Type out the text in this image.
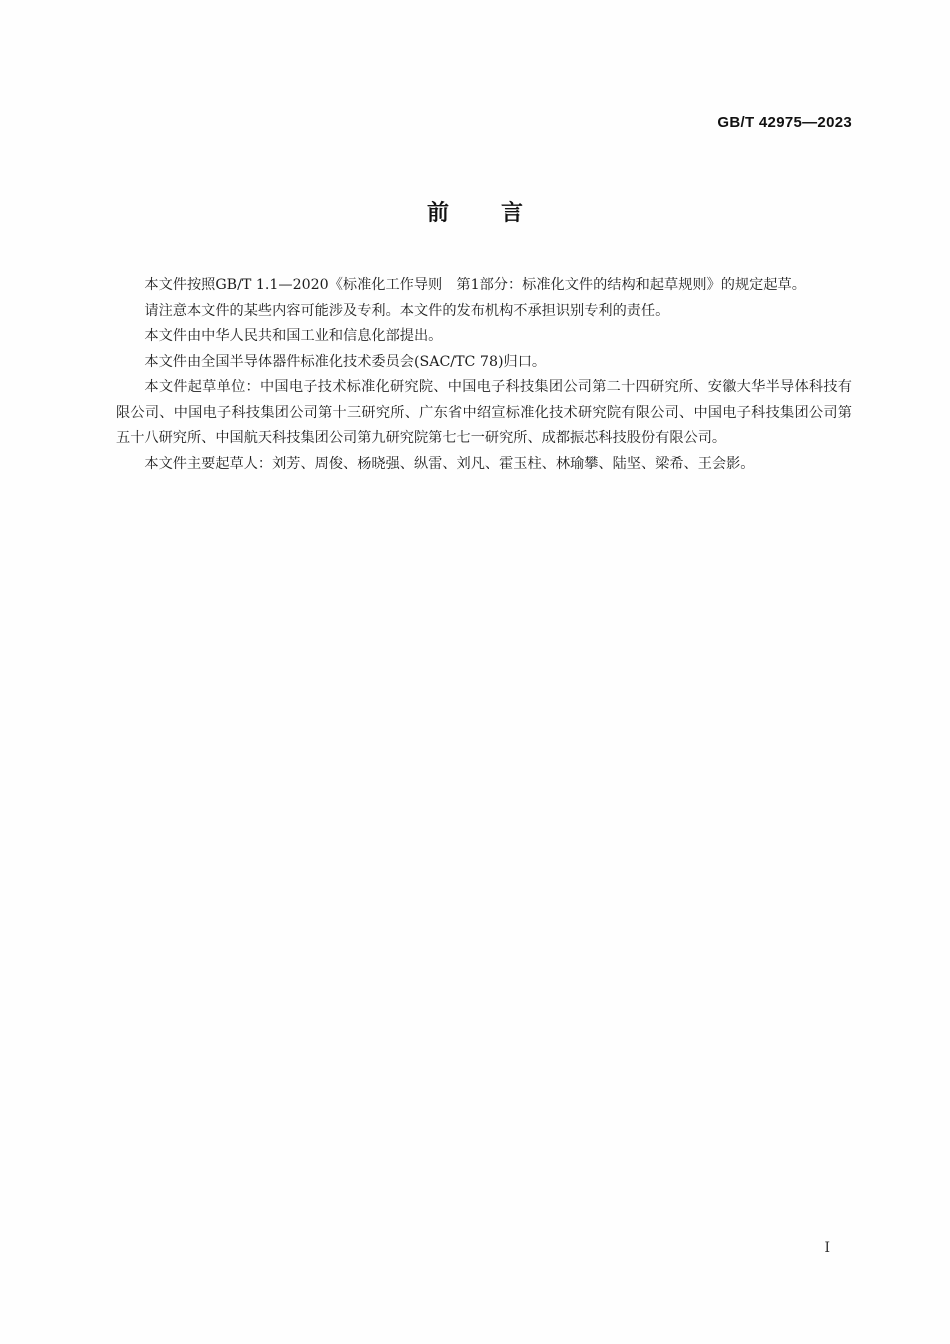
GB/T 42975—2023
前 言

本文件按照GB/T 1.1—2020《标准化工作导则　第1部分：标准化文件的结构和起草规则》的规定起草。

请注意本文件的某些内容可能涉及专利。本文件的发布机构不承担识别专利的责任。

本文件由中华人民共和国工业和信息化部提出。

本文件由全国半导体器件标准化技术委员会(SAC/TC 78)归口。

本文件起草单位：中国电子技术标准化研究院、中国电子科技集团公司第二十四研究所、安徽大华半导体科技有限公司、中国电子科技集团公司第十三研究所、广东省中绍宣标准化技术研究院有限公司、中国电子科技集团公司第五十八研究所、中国航天科技集团公司第九研究院第七七一研究所、成都振芯科技股份有限公司。

本文件主要起草人：刘芳、周俊、杨晓强、纵雷、刘凡、霍玉柱、林瑜攀、陆坚、梁希、王会影。

I
